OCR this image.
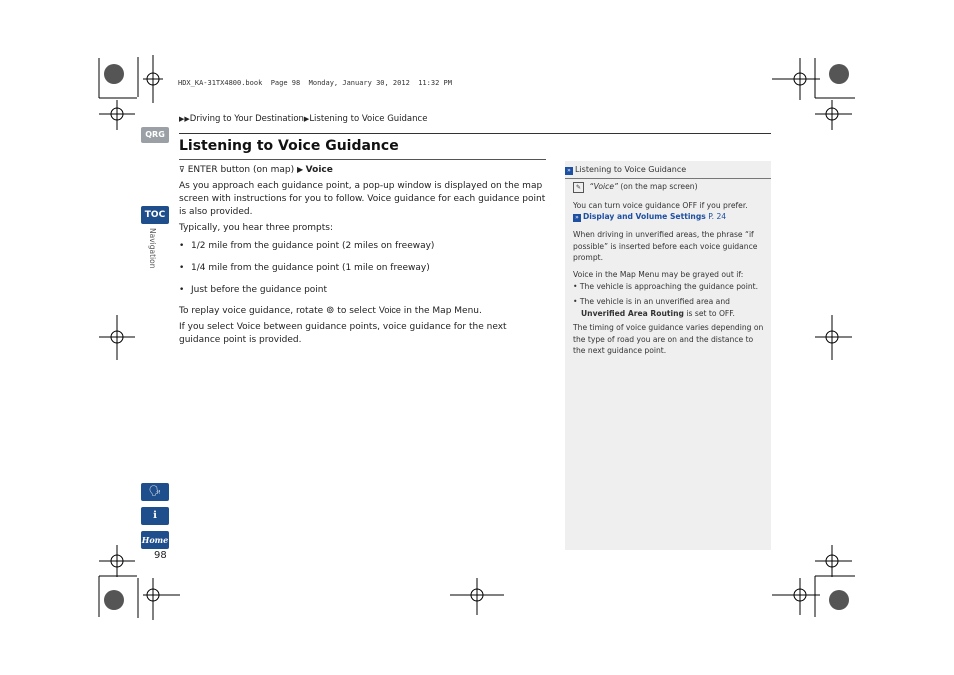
HDX_KA-31TX4800.book  Page 98  Monday, January 30, 2012  11:32 PM
▶▶Driving to Your Destination▶Listening to Voice Guidance
QRG
TOC
Navigation
🗣
ℹ
Home
98
Listening to Voice Guidance
⊽ ENTER button (on map) ▶ Voice
As you approach each guidance point, a pop-up window is displayed on the map screen with instructions for you to follow. Voice guidance for each guidance point is also provided.
Typically, you hear three prompts:
• 1/2 mile from the guidance point (2 miles on freeway)
• 1/4 mile from the guidance point (1 mile on freeway)
• Just before the guidance point
To replay voice guidance, rotate ⊚ to select Voice in the Map Menu.
If you select Voice between guidance points, voice guidance for the next guidance point is provided.
» Listening to Voice Guidance
✎ “Voice” (on the map screen)
You can turn voice guidance OFF if you prefer.
» Display and Volume Settings P. 24
When driving in unverified areas, the phrase “if possible” is inserted before each voice guidance prompt.
Voice in the Map Menu may be grayed out if:
• The vehicle is approaching the guidance point.
• The vehicle is in an unverified area and
Unverified Area Routing is set to OFF.
The timing of voice guidance varies depending on the type of road you are on and the distance to the next guidance point.
